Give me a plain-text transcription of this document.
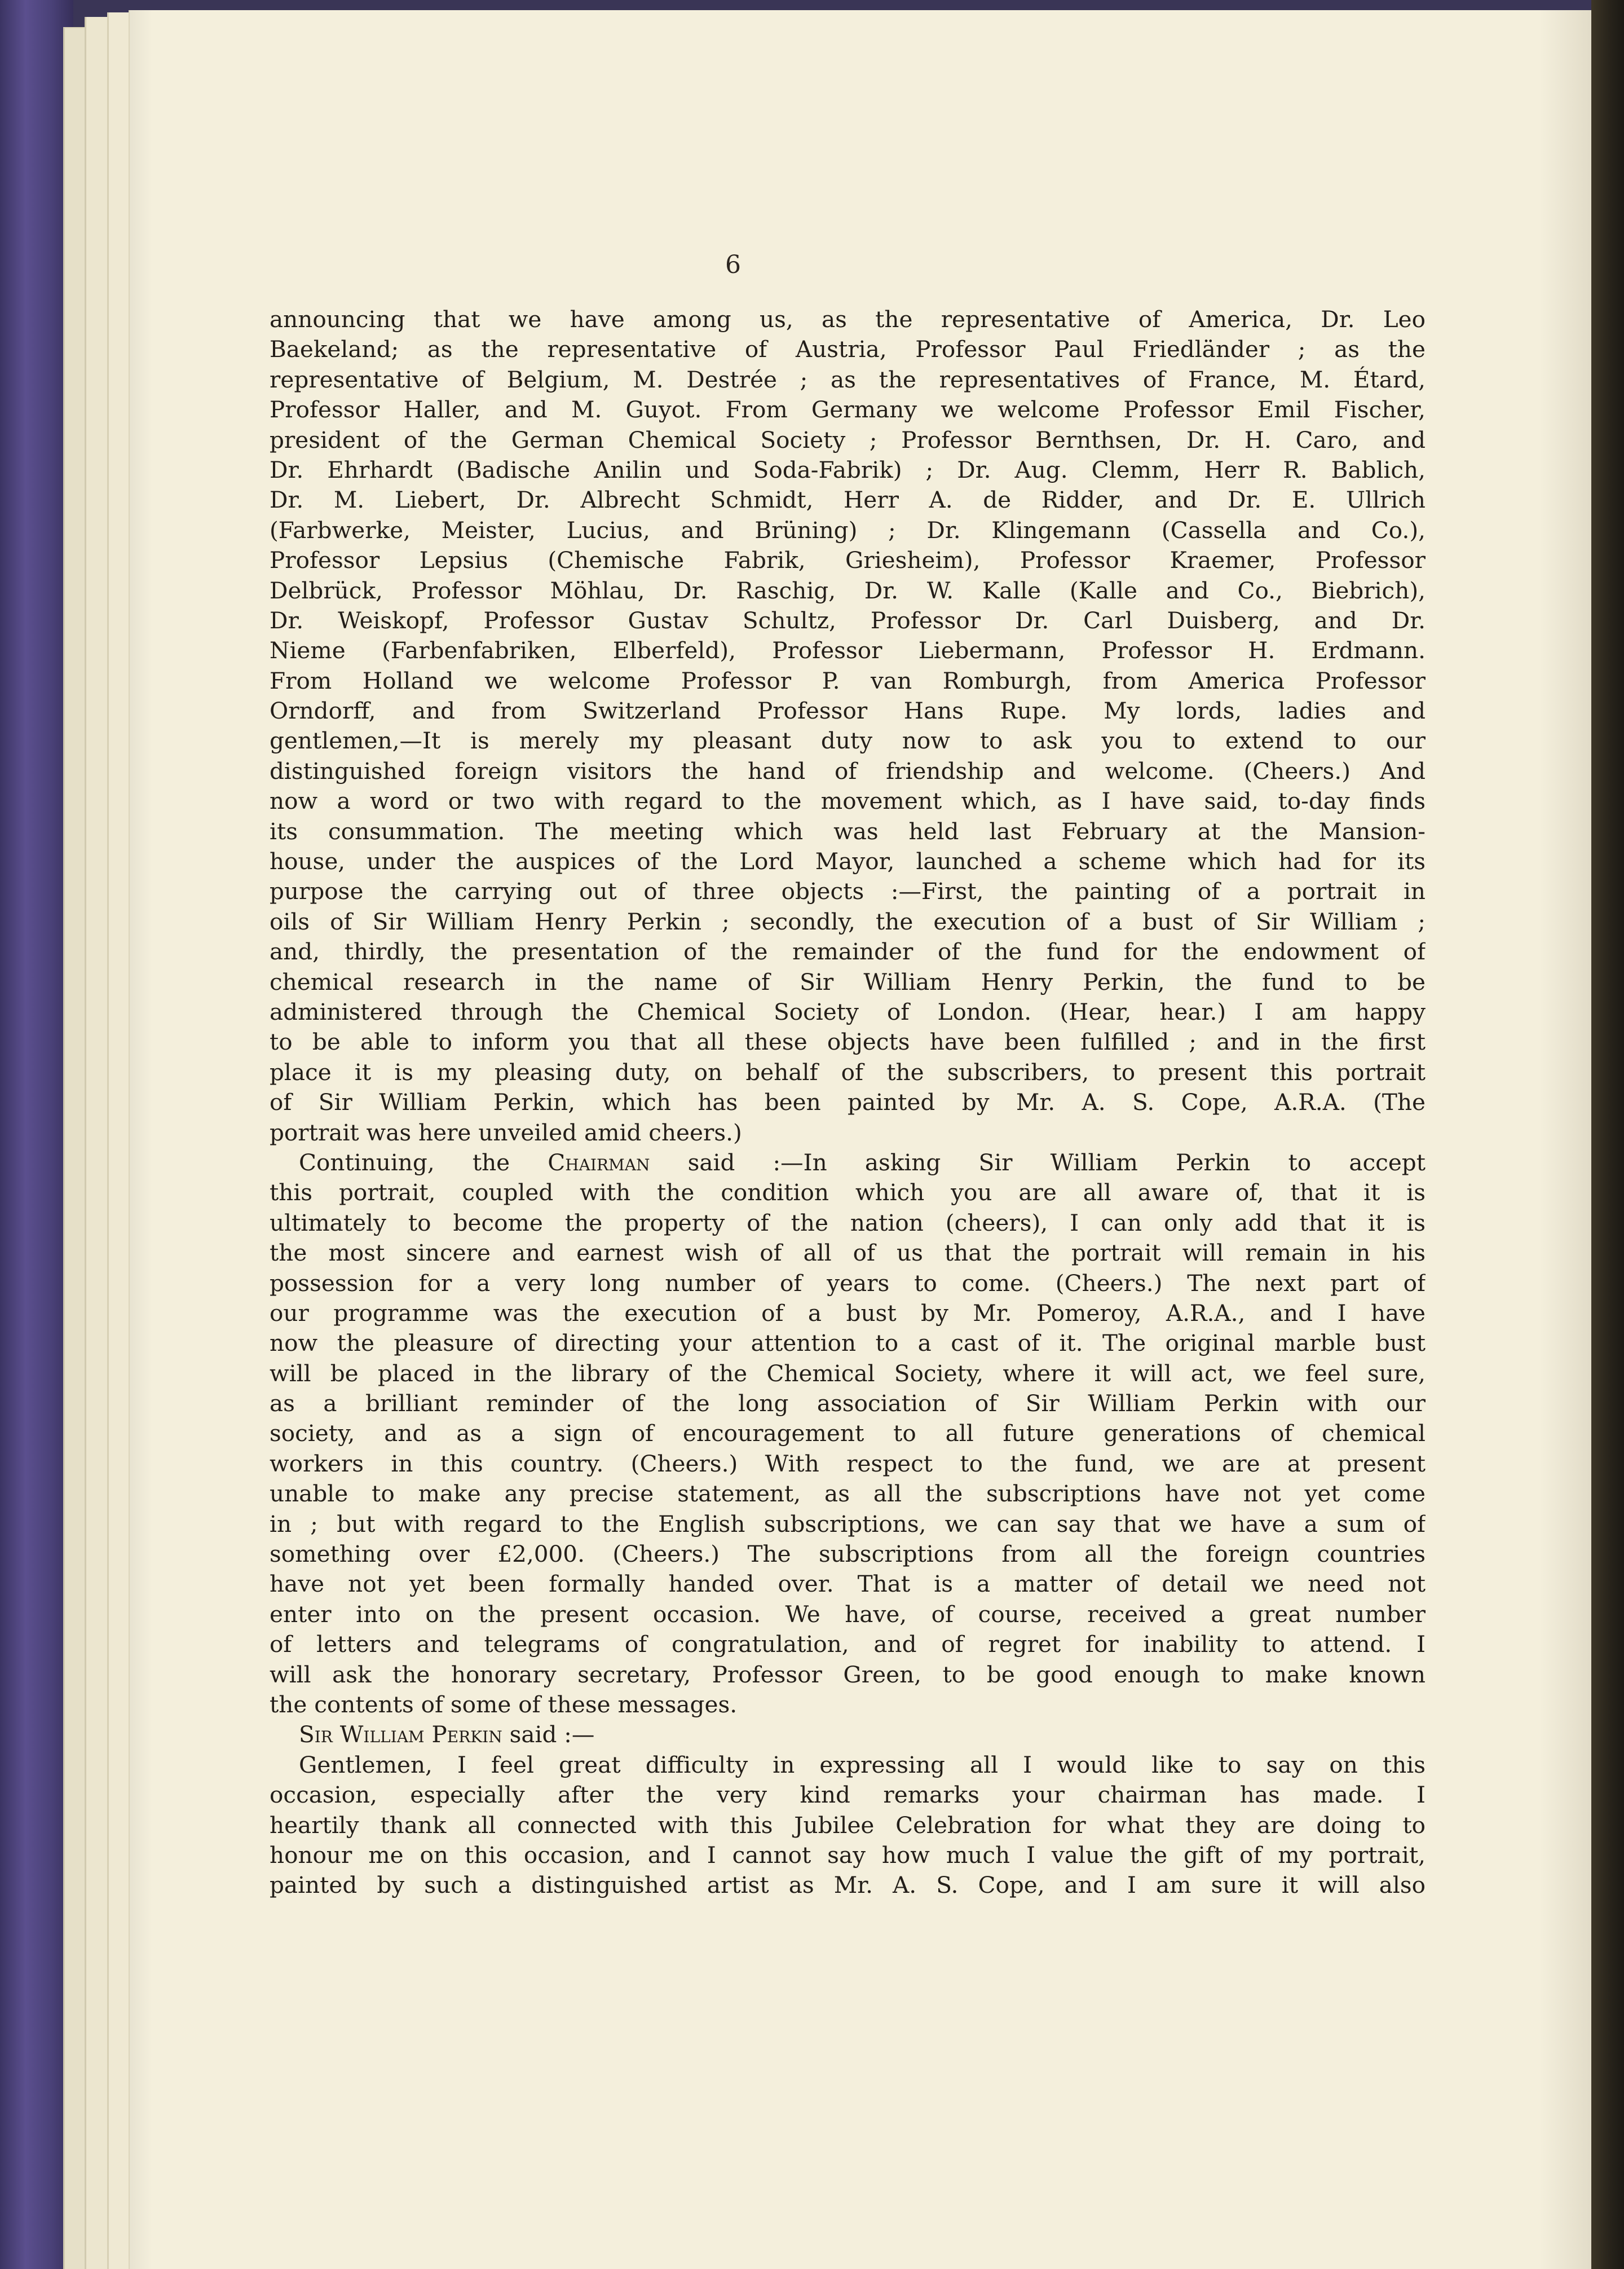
6
announcing that we have among us, as the representative of America, Dr. Leo
Baekeland; as the representative of Austria, Professor Paul Friedländer ; as the
representative of Belgium, M. Destrée ; as the representatives of France, M. Étard,
Professor Haller, and M. Guyot. From Germany we welcome Professor Emil Fischer,
president of the German Chemical Society ; Professor Bernthsen, Dr. H. Caro, and
Dr. Ehrhardt (Badische Anilin und Soda-Fabrik) ; Dr. Aug. Clemm, Herr R. Bablich,
Dr. M. Liebert, Dr. Albrecht Schmidt, Herr A. de Ridder, and Dr. E. Ullrich
(Farbwerke, Meister, Lucius, and Brüning) ; Dr. Klingemann (Cassella and Co.),
Professor Lepsius (Chemische Fabrik, Griesheim), Professor Kraemer, Professor
Delbrück, Professor Möhlau, Dr. Raschig, Dr. W. Kalle (Kalle and Co., Biebrich),
Dr. Weiskopf, Professor Gustav Schultz, Professor Dr. Carl Duisberg, and Dr.
Nieme (Farbenfabriken, Elberfeld), Professor Liebermann, Professor H. Erdmann.
From Holland we welcome Professor P. van Romburgh, from America Professor
Orndorff, and from Switzerland Professor Hans Rupe. My lords, ladies and
gentlemen,—It is merely my pleasant duty now to ask you to extend to our
distinguished foreign visitors the hand of friendship and welcome. (Cheers.) And
now a word or two with regard to the movement which, as I have said, to-day finds
its consummation. The meeting which was held last February at the Mansion-
house, under the auspices of the Lord Mayor, launched a scheme which had for its
purpose the carrying out of three objects :—First, the painting of a portrait in
oils of Sir William Henry Perkin ; secondly, the execution of a bust of Sir William ;
and, thirdly, the presentation of the remainder of the fund for the endowment of
chemical research in the name of Sir William Henry Perkin, the fund to be
administered through the Chemical Society of London. (Hear, hear.) I am happy
to be able to inform you that all these objects have been fulfilled ; and in the first
place it is my pleasing duty, on behalf of the subscribers, to present this portrait
of Sir William Perkin, which has been painted by Mr. A. S. Cope, A.R.A. (The
portrait was here unveiled amid cheers.)
Continuing, the Chairman said :—In asking Sir William Perkin to accept
this portrait, coupled with the condition which you are all aware of, that it is
ultimately to become the property of the nation (cheers), I can only add that it is
the most sincere and earnest wish of all of us that the portrait will remain in his
possession for a very long number of years to come. (Cheers.) The next part of
our programme was the execution of a bust by Mr. Pomeroy, A.R.A., and I have
now the pleasure of directing your attention to a cast of it. The original marble bust
will be placed in the library of the Chemical Society, where it will act, we feel sure,
as a brilliant reminder of the long association of Sir William Perkin with our
society, and as a sign of encouragement to all future generations of chemical
workers in this country. (Cheers.) With respect to the fund, we are at present
unable to make any precise statement, as all the subscriptions have not yet come
in ; but with regard to the English subscriptions, we can say that we have a sum of
something over £2,000. (Cheers.) The subscriptions from all the foreign countries
have not yet been formally handed over. That is a matter of detail we need not
enter into on the present occasion. We have, of course, received a great number
of letters and telegrams of congratulation, and of regret for inability to attend. I
will ask the honorary secretary, Professor Green, to be good enough to make known
the contents of some of these messages.
Sir William Perkin said :—
Gentlemen, I feel great difficulty in expressing all I would like to say on this
occasion, especially after the very kind remarks your chairman has made. I
heartily thank all connected with this Jubilee Celebration for what they are doing to
honour me on this occasion, and I cannot say how much I value the gift of my portrait,
painted by such a distinguished artist as Mr. A. S. Cope, and I am sure it will also
